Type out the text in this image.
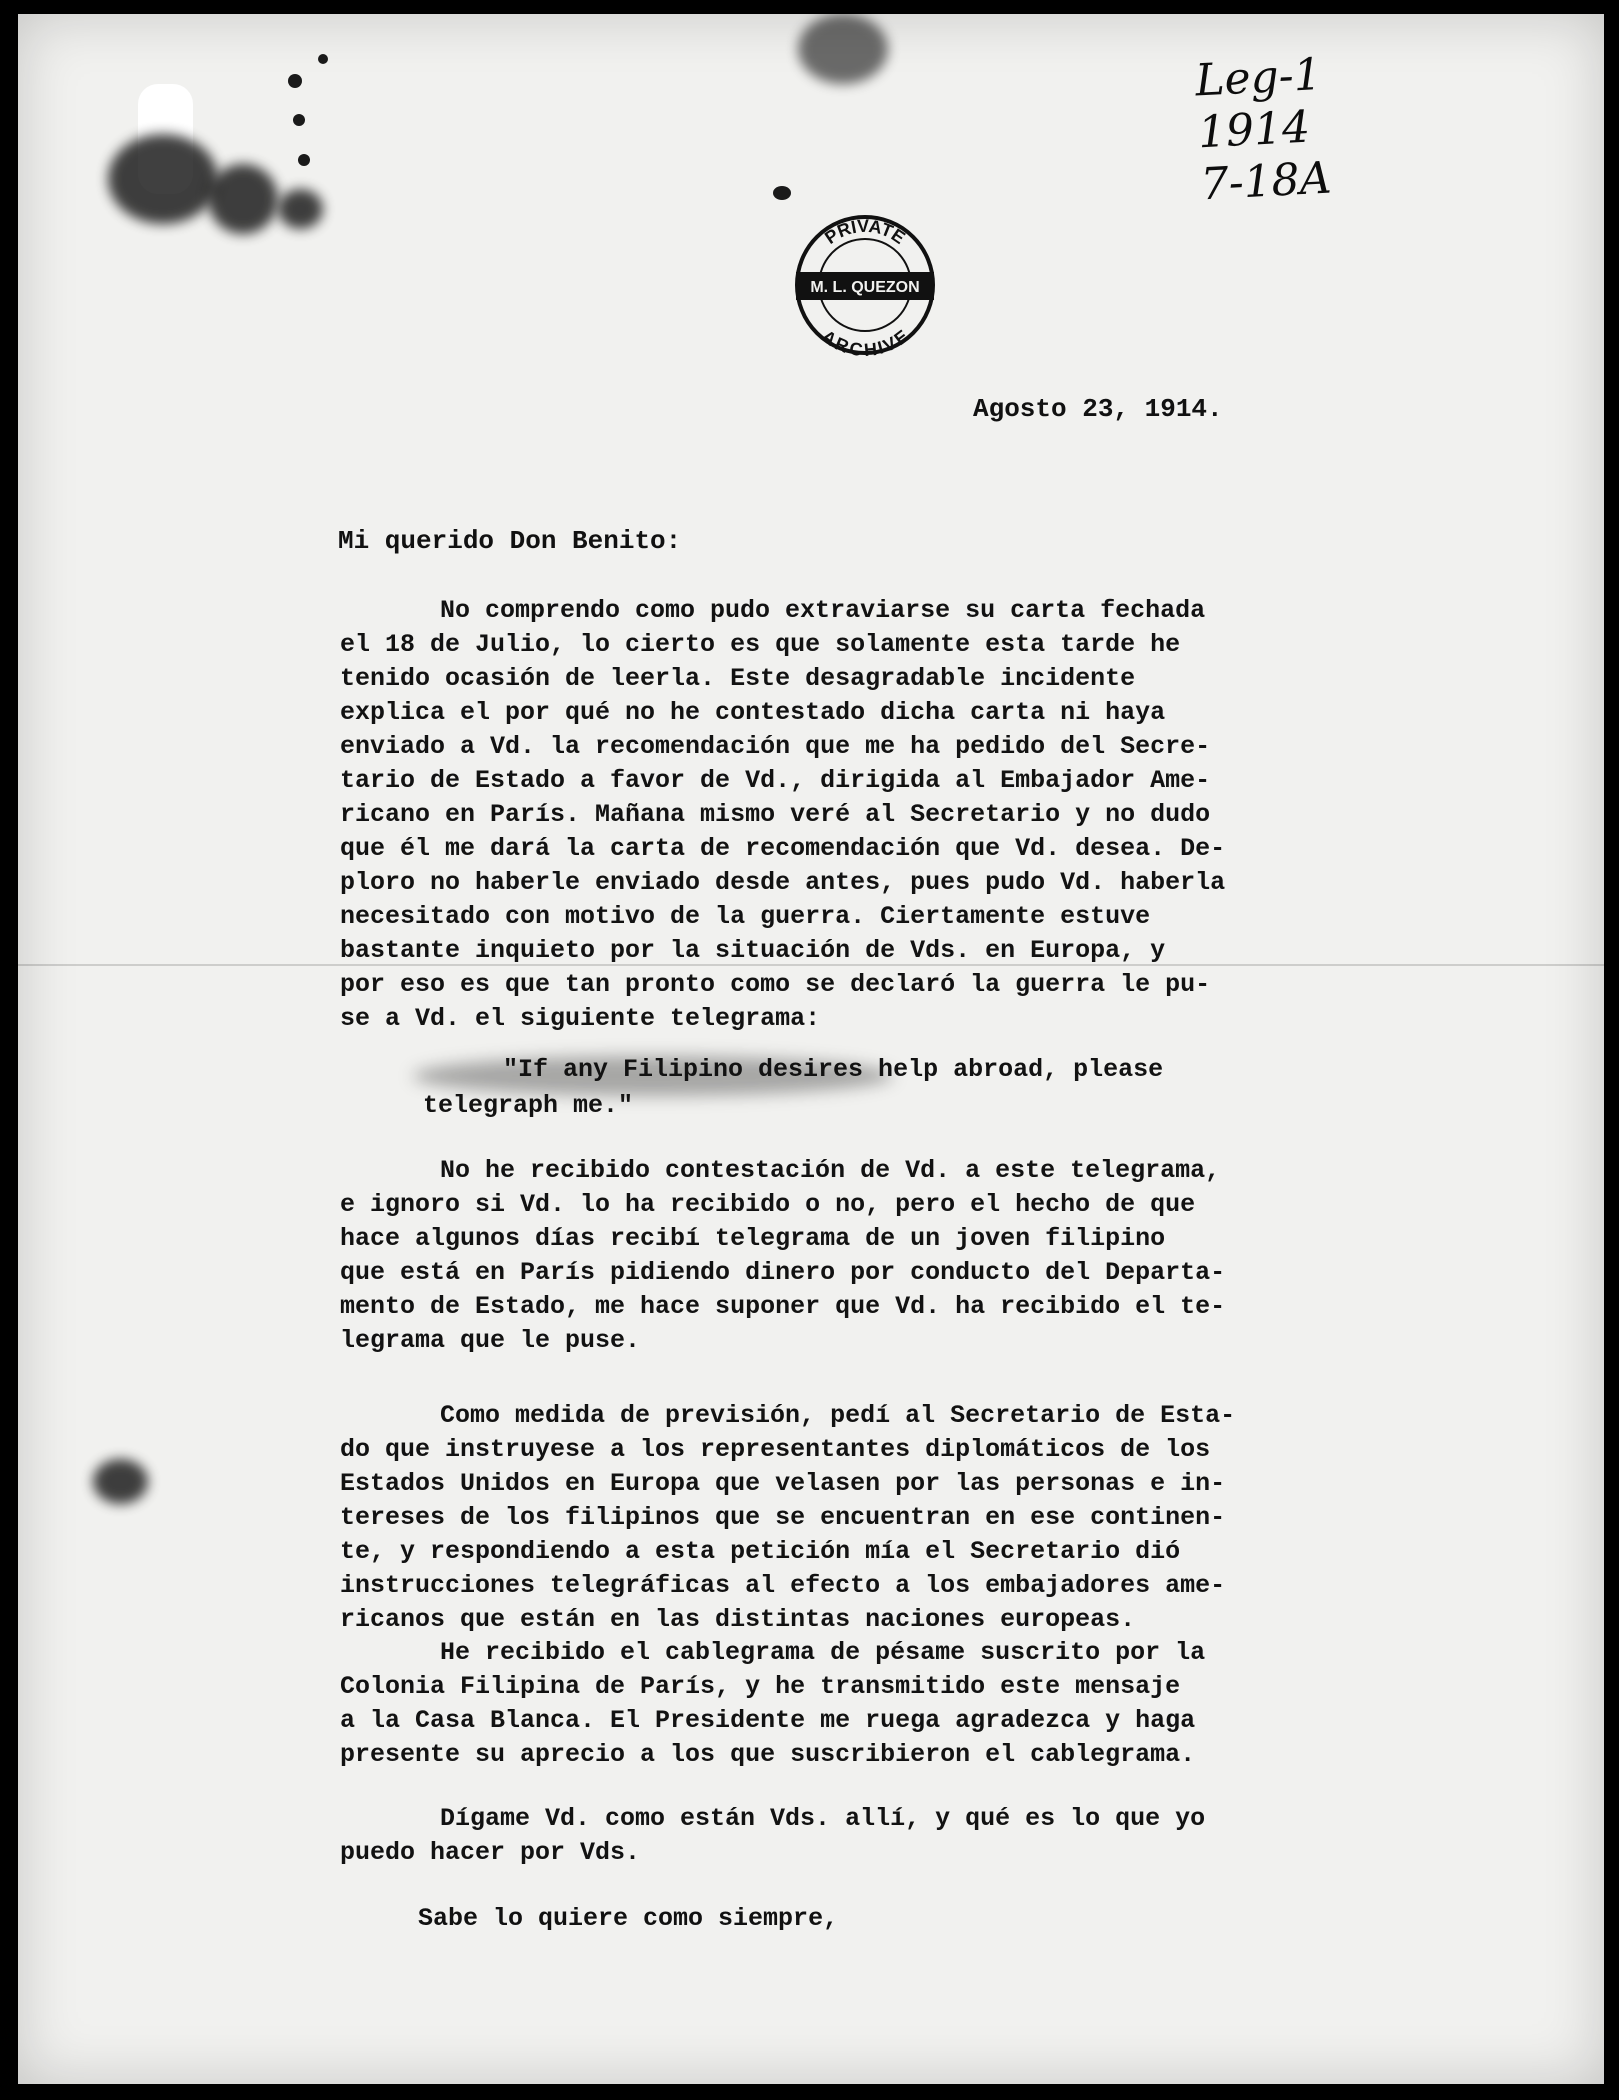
PRIVATE
M. L. QUEZON
ARCHIVE
Leg-1
1914
7-18A
Agosto 23, 1914.
Mi querido Don Benito:
No comprendo como pudo extraviarse su carta fechada
el 18 de Julio, lo cierto es que solamente esta tarde he
tenido ocasión de leerla. Este desagradable incidente
explica el por qué no he contestado dicha carta ni haya
enviado a Vd. la recomendación que me ha pedido del Secre-
tario de Estado a favor de Vd., dirigida al Embajador Ame-
ricano en París. Mañana mismo veré al Secretario y no dudo
que él me dará la carta de recomendación que Vd. desea. De-
ploro no haberle enviado desde antes, pues pudo Vd. haberla
necesitado con motivo de la guerra. Ciertamente estuve
bastante inquieto por la situación de Vds. en Europa, y
por eso es que tan pronto como se declaró la guerra le pu-
se a Vd. el siguiente telegrama:
"If any Filipino desires help abroad, please
telegraph me."
No he recibido contestación de Vd. a este telegrama,
e ignoro si Vd. lo ha recibido o no, pero el hecho de que
hace algunos días recibí telegrama de un joven filipino
que está en París pidiendo dinero por conducto del Departa-
mento de Estado, me hace suponer que Vd. ha recibido el te-
legrama que le puse.
Como medida de previsión, pedí al Secretario de Esta-
do que instruyese a los representantes diplomáticos de los
Estados Unidos en Europa que velasen por las personas e in-
tereses de los filipinos que se encuentran en ese continen-
te, y respondiendo a esta petición mía el Secretario dió
instrucciones telegráficas al efecto a los embajadores ame-
ricanos que están en las distintas naciones europeas.
He recibido el cablegrama de pésame suscrito por la
Colonia Filipina de París, y he transmitido este mensaje
a la Casa Blanca. El Presidente me ruega agradezca y haga
presente su aprecio a los que suscribieron el cablegrama.
Dígame Vd. como están Vds. allí, y qué es lo que yo
puedo hacer por Vds.
Sabe lo quiere como siempre,
